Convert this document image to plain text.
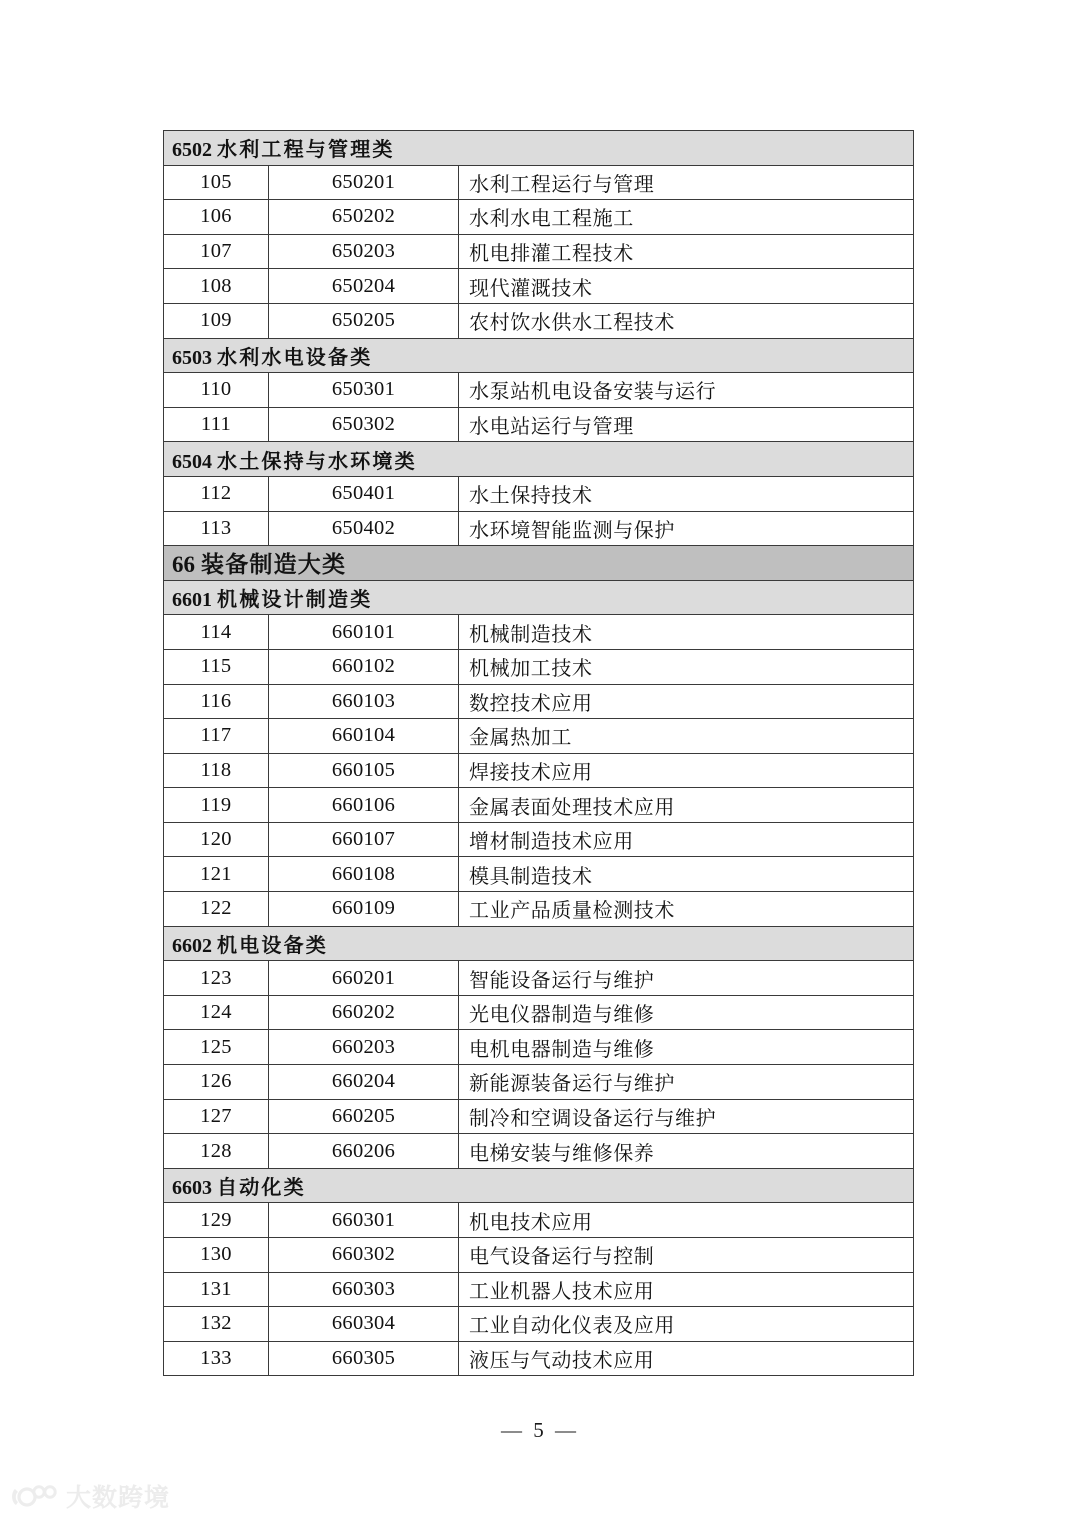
6502 水利工程与管理类		
105	650201	水利工程运行与管理
106	650202	水利水电工程施工
107	650203	机电排灌工程技术
108	650204	现代灌溉技术
109	650205	农村饮水供水工程技术
6503 水利水电设备类		
110	650301	水泵站机电设备安装与运行
111	650302	水电站运行与管理
6504 水土保持与水环境类		
112	650401	水土保持技术
113	650402	水环境智能监测与保护
66 装备制造大类		
6601 机械设计制造类		
114	660101	机械制造技术
115	660102	机械加工技术
116	660103	数控技术应用
117	660104	金属热加工
118	660105	焊接技术应用
119	660106	金属表面处理技术应用
120	660107	增材制造技术应用
121	660108	模具制造技术
122	660109	工业产品质量检测技术
6602 机电设备类		
123	660201	智能设备运行与维护
124	660202	光电仪器制造与维修
125	660203	电机电器制造与维修
126	660204	新能源装备运行与维护
127	660205	制冷和空调设备运行与维护
128	660206	电梯安装与维修保养
6603 自动化类		
129	660301	机电技术应用
130	660302	电气设备运行与控制
131	660303	工业机器人技术应用
132	660304	工业自动化仪表及应用
133	660305	液压与气动技术应用
— 5 —
大数跨境
